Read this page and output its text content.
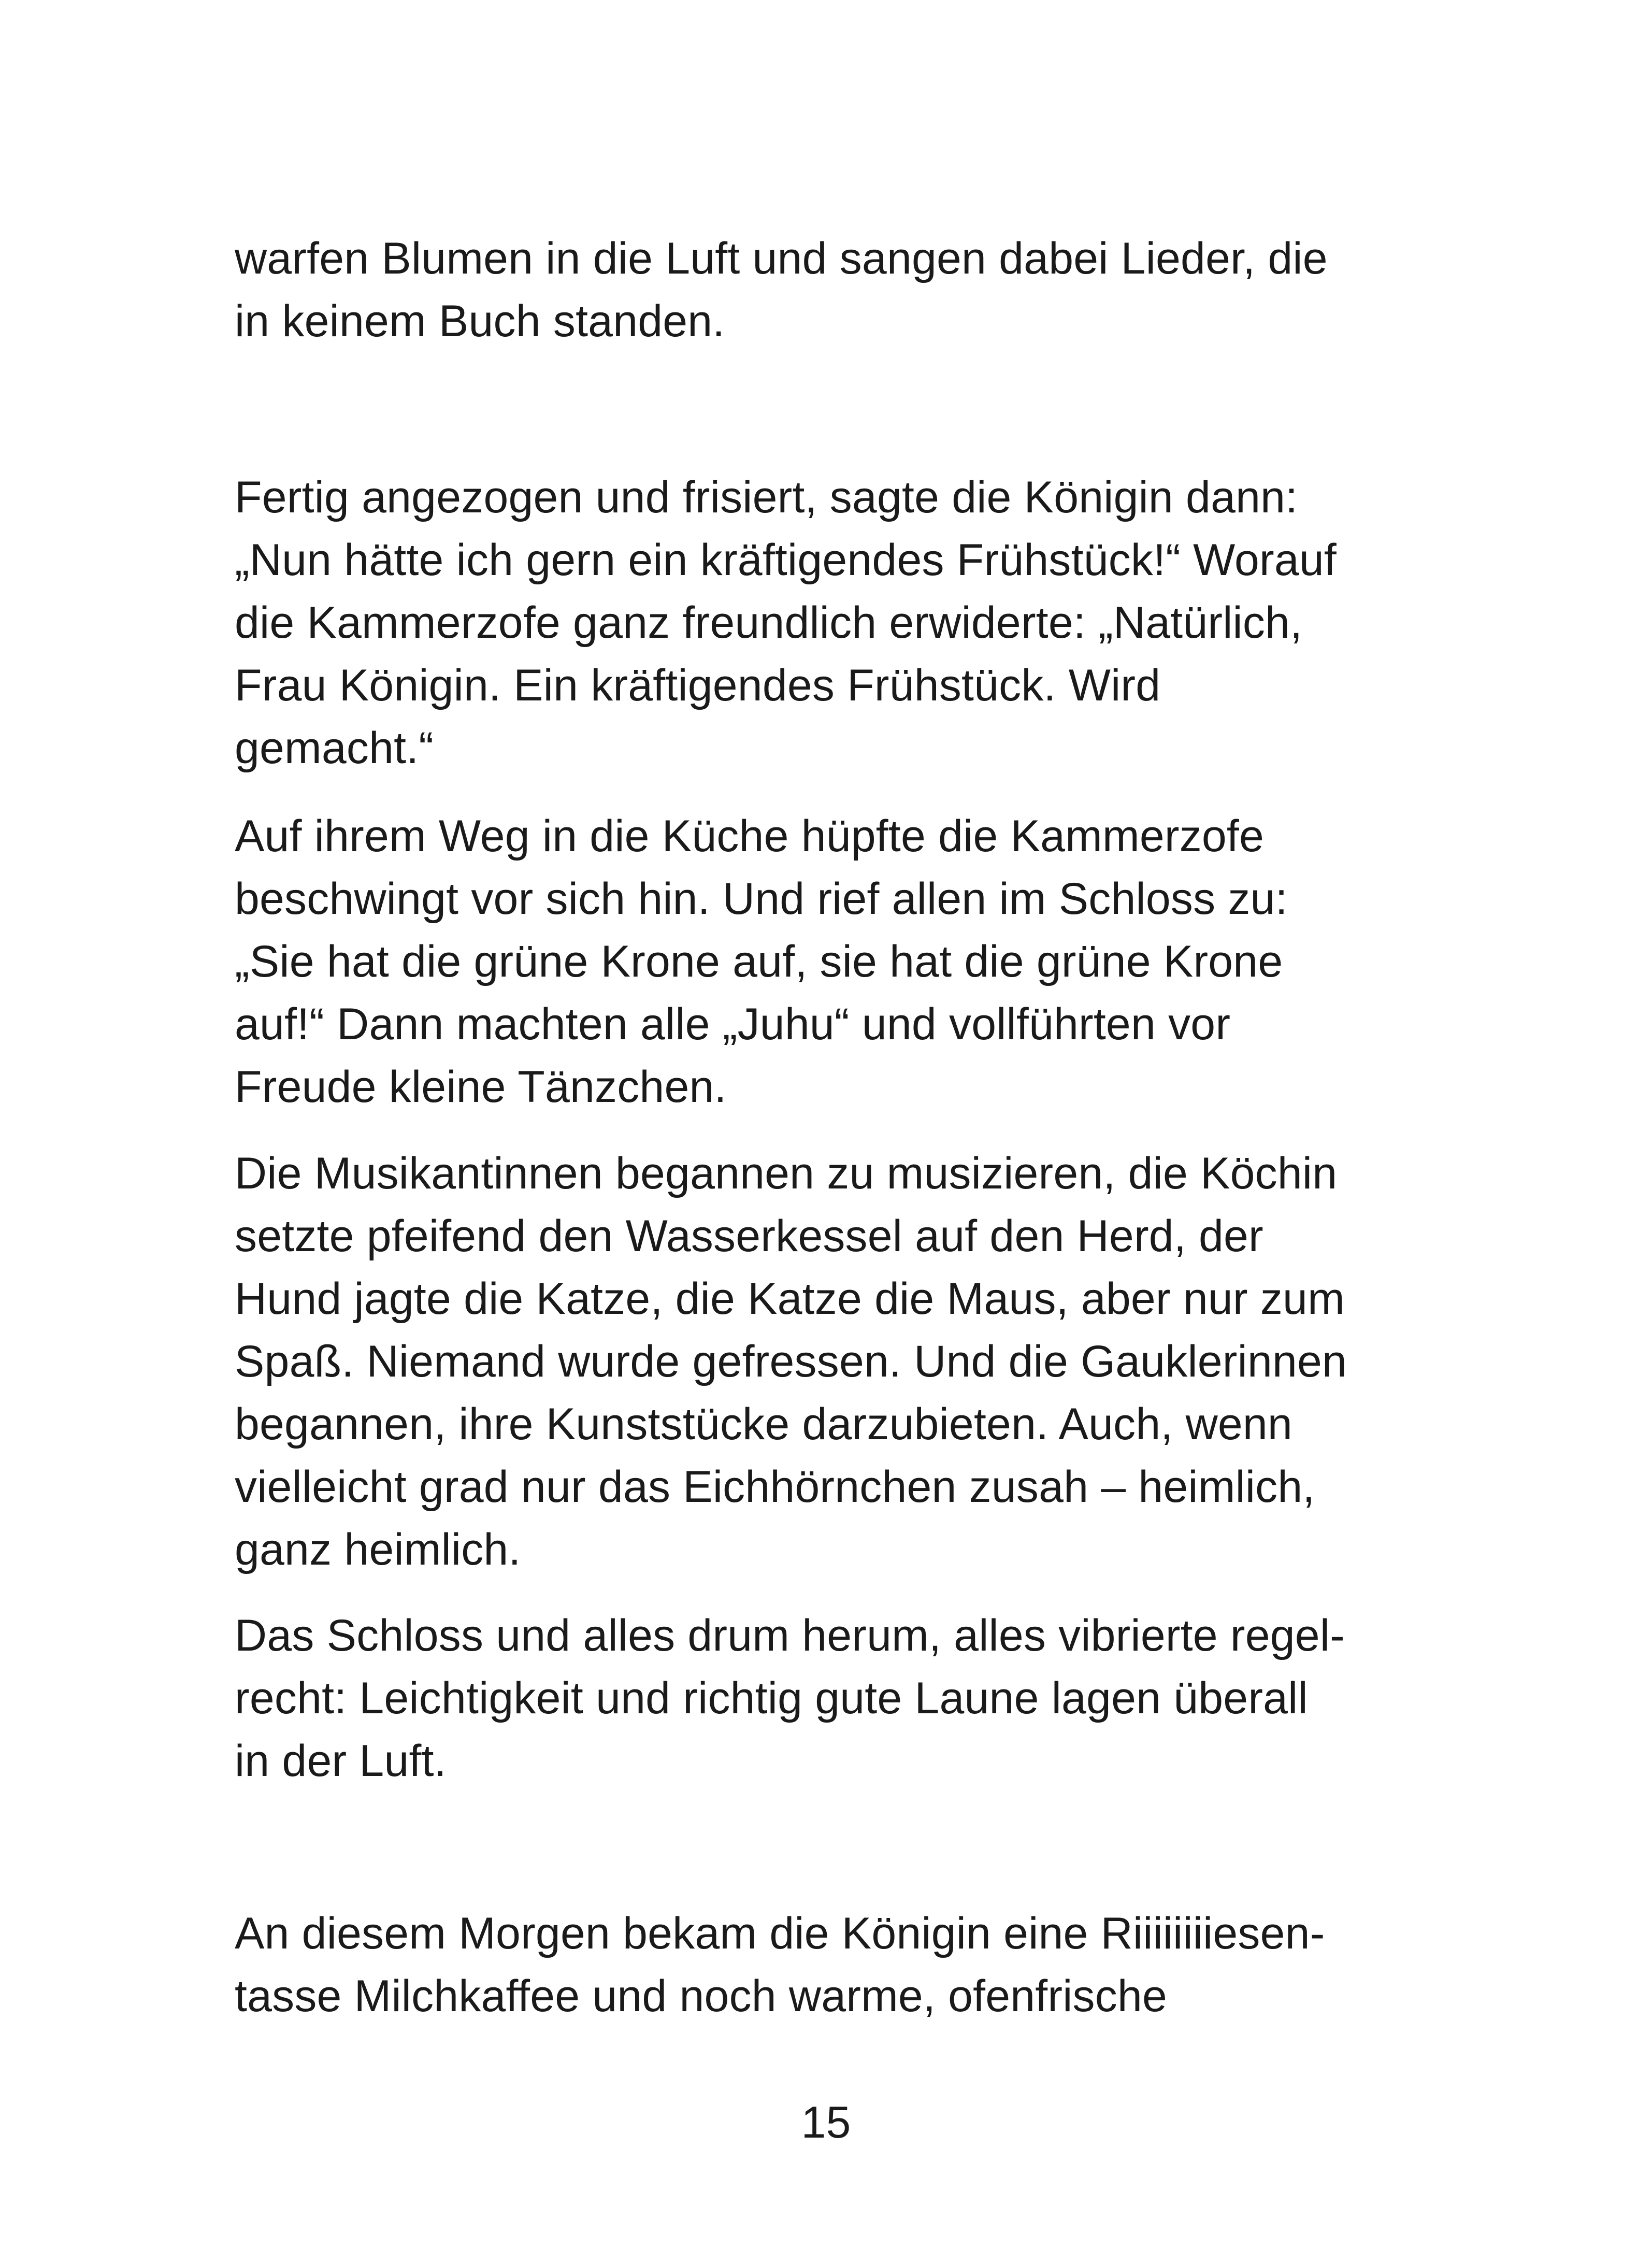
warfen Blumen in die Luft und sangen dabei Lieder, die
in keinem Buch standen.
Fertig angezogen und frisiert, sagte die Königin dann:
„Nun hätte ich gern ein kräftigendes Frühstück!“ Worauf
die Kammerzofe ganz freundlich erwiderte: „Natürlich,
Frau Königin. Ein kräftigendes Frühstück. Wird
gemacht.“
Auf ihrem Weg in die Küche hüpfte die Kammerzofe
beschwingt vor sich hin. Und rief allen im Schloss zu:
„Sie hat die grüne Krone auf, sie hat die grüne Krone
auf!“ Dann machten alle „Juhu“ und vollführten vor
Freude kleine Tänzchen.
Die Musikantinnen begannen zu musizieren, die Köchin
setzte pfeifend den Wasserkessel auf den Herd, der
Hund jagte die Katze, die Katze die Maus, aber nur zum
Spaß. Niemand wurde gefressen. Und die Gauklerinnen
begannen, ihre Kunststücke darzubieten. Auch, wenn
vielleicht grad nur das Eichhörnchen zusah – heimlich,
ganz heimlich.
Das Schloss und alles drum herum, alles vibrierte regel-
recht: Leichtigkeit und richtig gute Laune lagen überall
in der Luft.
An diesem Morgen bekam die Königin eine Riiiiiiiiesen-
tasse Milchkaffee und noch warme, ofenfrische
15
